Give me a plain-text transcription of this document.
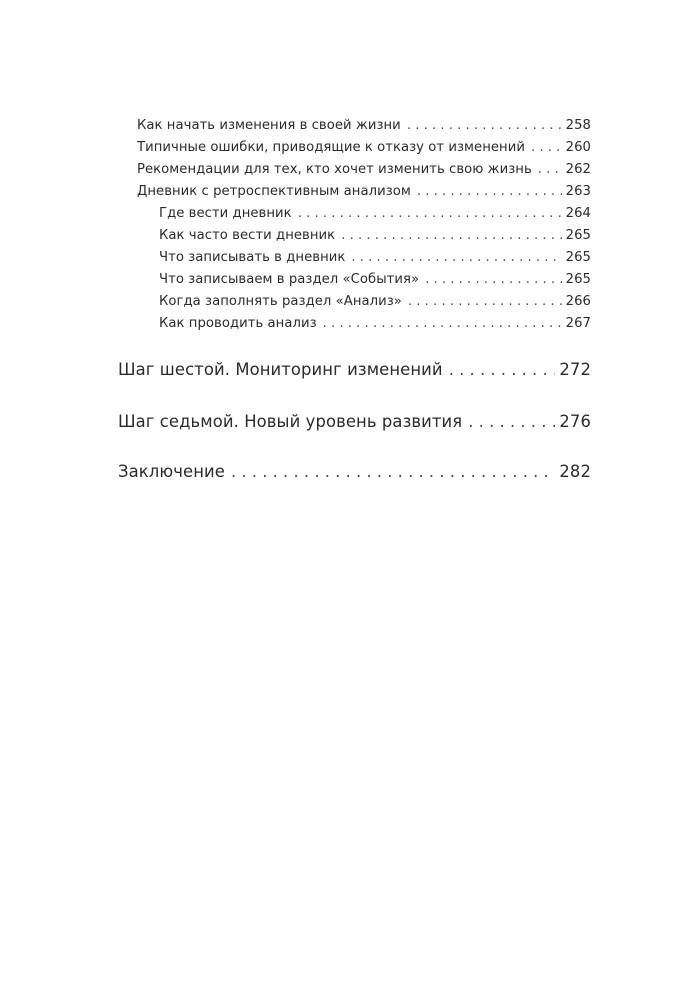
Как начать изменения в своей жизни . . .	258
Типичные ошибки, приводящие к отказу от изменений . . .	260
Рекомендации для тех, кто хочет изменить свою жизнь . . .	262
Дневник с ретроспективным анализом . . .	263
Где вести дневник . . .	264
Как часто вести дневник . . .	265
Что записывать в дневник . . .	265
Что записываем в раздел «События» . . .	265
Когда заполнять раздел «Анализ» . . .	266
Как проводить анализ . . .	267
Шаг шестой. Мониторинг изменений . . .	272
Шаг седьмой. Новый уровень развития . . .	276
Заключение . . .	282
